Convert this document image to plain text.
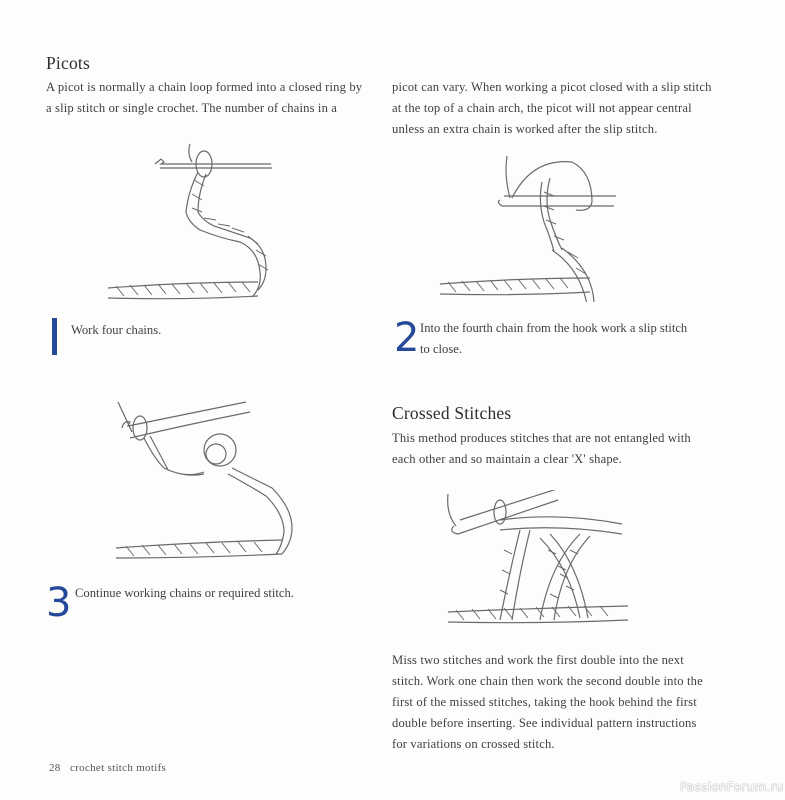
Picots

A picot is normally a chain loop formed into a closed ring by

a slip stitch or single crochet. The number of chains in a

Work four chains.
3 Continue working chains or required stitch.

picot can vary. When working a picot closed with a slip stitch

at the top of a chain arch, the picot will not appear central

unless an extra chain is worked after the slip stitch.

2 Into the fourth chain from the hook work a slip stitch
to close.
Crossed Stitches

This method produces stitches that are not entangled with

each other and so maintain a clear 'X' shape.

Miss two stitches and work the first double into the next

stitch. Work one chain then work the second double into the

first of the missed stitches, taking the hook behind the first

double before inserting. See individual pattern instructions

for variations on crossed stitch.

28 crochet stitch motifs
PassionForum.ru
